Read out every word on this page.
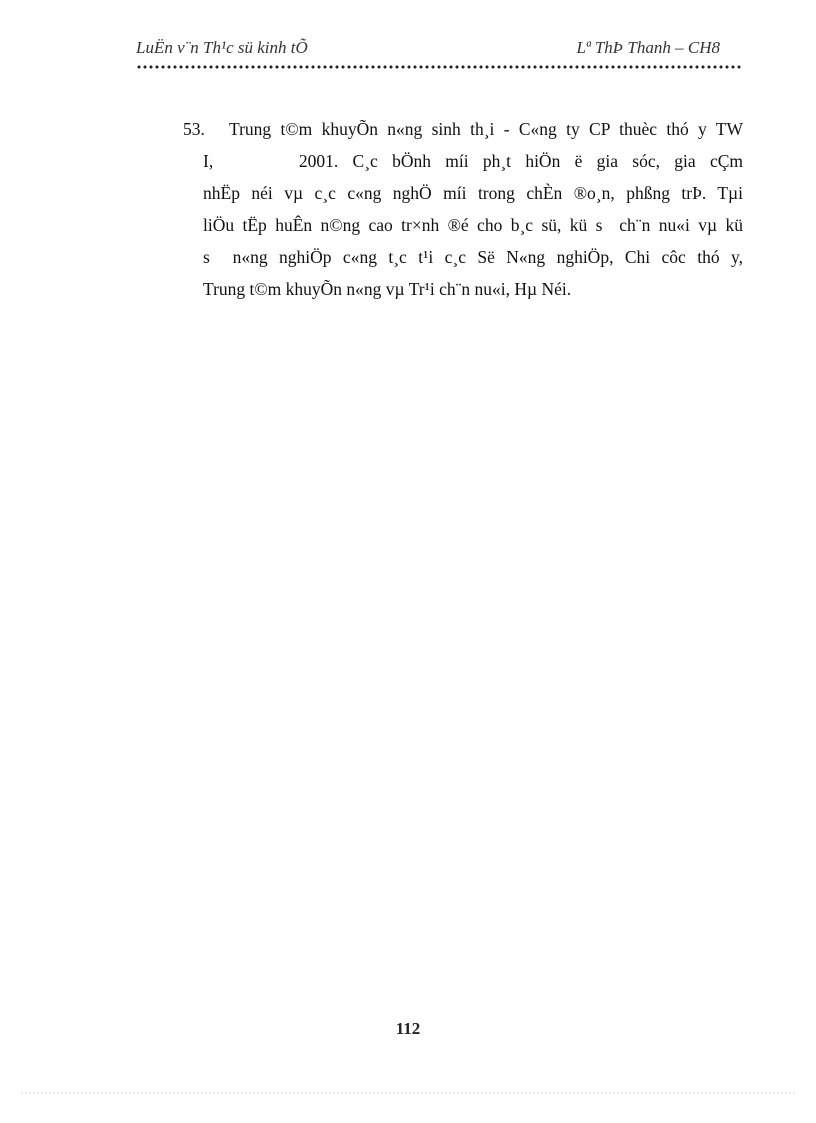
LuËn v¨n Th¹c sü kinh tÕ	Lª ThÞ Thanh – CH8
53. Trung t©m khuyÕn n«ng sinh th¸i - C«ng ty CP thuèc thó y TW
I,      2001. C¸c bÖnh míi ph¸t hiÖn ë gia sóc, gia cÇm
nhËp néi vµ c¸c c«ng nghÖ míi trong chÈn ®o¸n, phßng trÞ. Tµi
liÖu tËp huÊn n©ng cao tr×nh ®é cho b¸c sü, kü s  ch¨n nu«i vµ kü
s  n«ng nghiÖp c«ng t¸c t¹i c¸c Së N«ng nghiÖp, Chi côc thó y,
Trung t©m khuyÕn n«ng vµ Tr¹i ch¨n nu«i, Hµ Néi.
112
